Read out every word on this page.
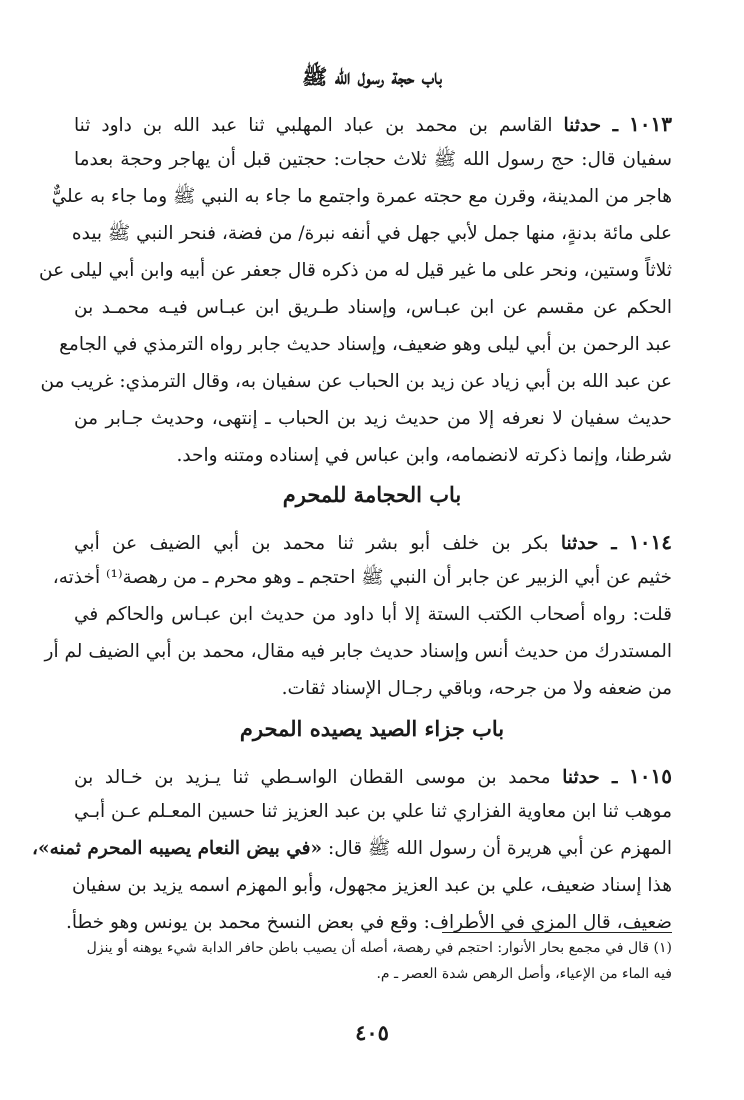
باب حجة رسول الله ﷺ
١٠١٣ ـ حدثنا القاسم بن محمد بن عباد المهلبي ثنا عبد الله بن داود ثنا
سفيان قال: حج رسول الله ﷺ ثلاث حجات: حجتين قبل أن يهاجر وحجة بعدما
هاجر من المدينة، وقرن مع حجته عمرة واجتمع ما جاء به النبي ﷺ وما جاء به عليٌّ
على مائة بدنةٍ، منها جمل لأبي جهل في أنفه نبرة/ من فضة، فنحر النبي ﷺ بيده
ثلاثاً وستين، ونحر على ما غير قيل له من ذكره قال جعفر عن أبيه وابن أبي ليلى عن
الحكم عن مقسم عن ابن عبـاس، وإسناد طـريق ابن عبـاس فيـه محمـد بن
عبد الرحمن بن أبي ليلى وهو ضعيف، وإسناد حديث جابر رواه الترمذي في الجامع
عن عبد الله بن أبي زياد عن زيد بن الحباب عن سفيان به، وقال الترمذي: غريب من
حديث سفيان لا نعرفه إلا من حديث زيد بن الحباب ـ إنتهى، وحديث جـابر من
شرطنا، وإنما ذكرته لانضمامه، وابن عباس في إسناده ومتنه واحد.
باب الحجامة للمحرم
١٠١٤ ـ حدثنا بكر بن خلف أبو بشر ثنا محمد بن أبي الضيف عن أبي
خثيم عن أبي الزبير عن جابر أن النبي ﷺ احتجم ـ وهو محرم ـ من رهصة⁽¹⁾ أخذته،
قلت: رواه أصحاب الكتب الستة إلا أبا داود من حديث ابن عبـاس والحاكم في
المستدرك من حديث أنس وإسناد حديث جابر فيه مقال، محمد بن أبي الضيف لم أر
من ضعفه ولا من جرحه، وباقي رجـال الإسناد ثقات.
باب جزاء الصيد يصيده المحرم
١٠١٥ ـ حدثنا محمد بن موسى القطان الواسـطي ثنا يـزيد بن خـالد بن
موهب ثنا ابن معاوية الفزاري ثنا علي بن عبد العزيز ثنا حسين المعـلم عـن أبـي
المهزم عن أبي هريرة أن رسول الله ﷺ قال: «في بيض النعام يصيبه المحرم ثمنه»،
هذا إسناد ضعيف، علي بن عبد العزيز مجهول، وأبو المهزم اسمه يزيد بن سفيان
ضعيف، قال المزي في الأطراف: وقع في بعض النسخ محمد بن يونس وهو خطأ.
(١) قال في مجمع بحار الأنوار: احتجم في رهصة، أصله أن يصيب باطن حافر الدابة شيء يوهنه أو ينزل
فيه الماء من الإعياء، وأصل الرهص شدة العصر ـ م.
٤٠٥
